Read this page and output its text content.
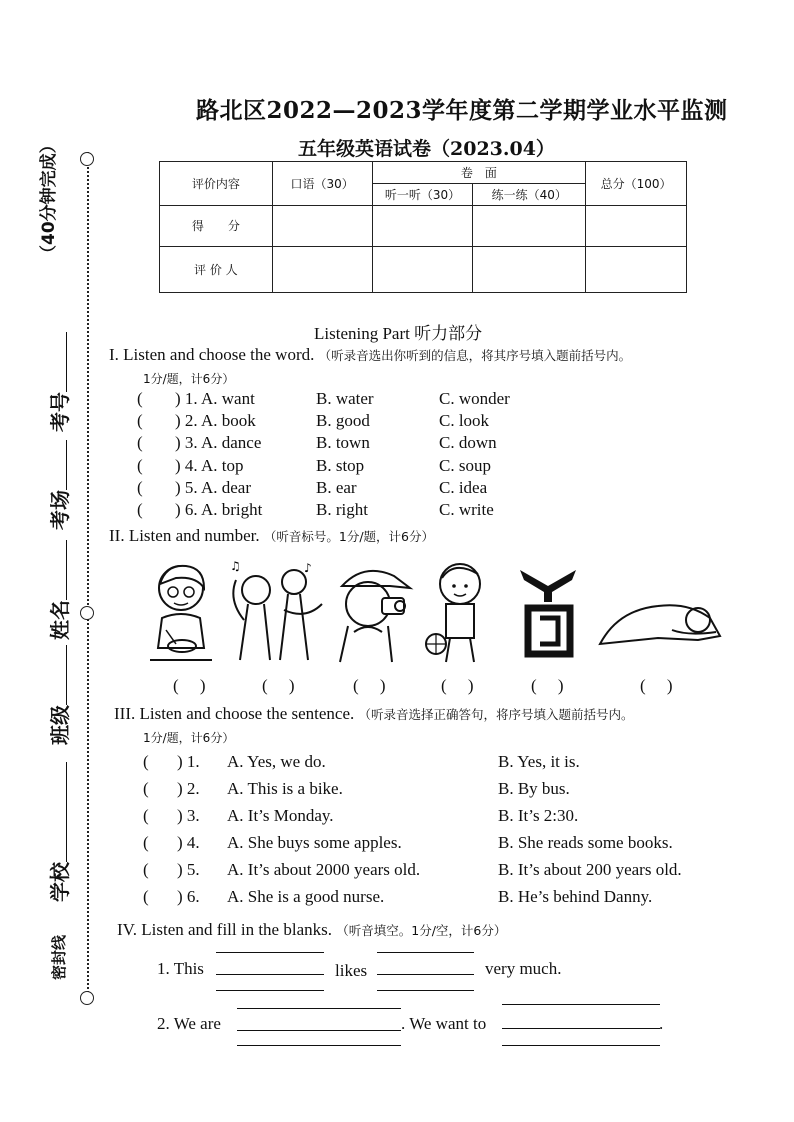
（40分钟完成）
考号
考场
姓名
班级
学校
密封线
路北区2022—2023学年度第二学期学业水平监测
五年级英语试卷（2023.04）
评价内容	口语（30）	卷　面		总分（100）
		听一听（30）	练一练（40）	
得　　分				
评 价 人				
Listening Part 听力部分
I. Listen and choose the word. （听录音选出你听到的信息，将其序号填入题前括号内。
1分/题，计6分）
( ) 1. A. want	B. water	C. wonder
( ) 2. A. book	B. good	C. look
( ) 3. A. dance	B. town	C. down
( ) 4. A. top	B. stop	C. soup
( ) 5. A. dear	B. ear	C. idea
( ) 6. A. bright	B. right	C. write
II. Listen and number. （听音标号。1分/题，计6分）
♪
♫
(     )	(     )	(     )	(     )	(     )	(     )
III. Listen and choose the sentence. （听录音选择正确答句，将序号填入题前括号内。
1分/题，计6分）
( ) 1. A. Yes, we do.	B. Yes, it is.
( ) 2. A. This is a bike.	B. By bus.
( ) 3. A. It’s Monday.	B. It’s 2:30.
( ) 4. A. She buys some apples.	B. She reads some books.
( ) 5. A. It’s about 2000 years old.	B. It’s about 200 years old.
( ) 6. A. She is a good nurse.	B. He’s behind Danny.
IV. Listen and fill in the blanks. （听音填空。1分/空，计6分）
1. This	likes	very much.
2. We are	. We want to	.
